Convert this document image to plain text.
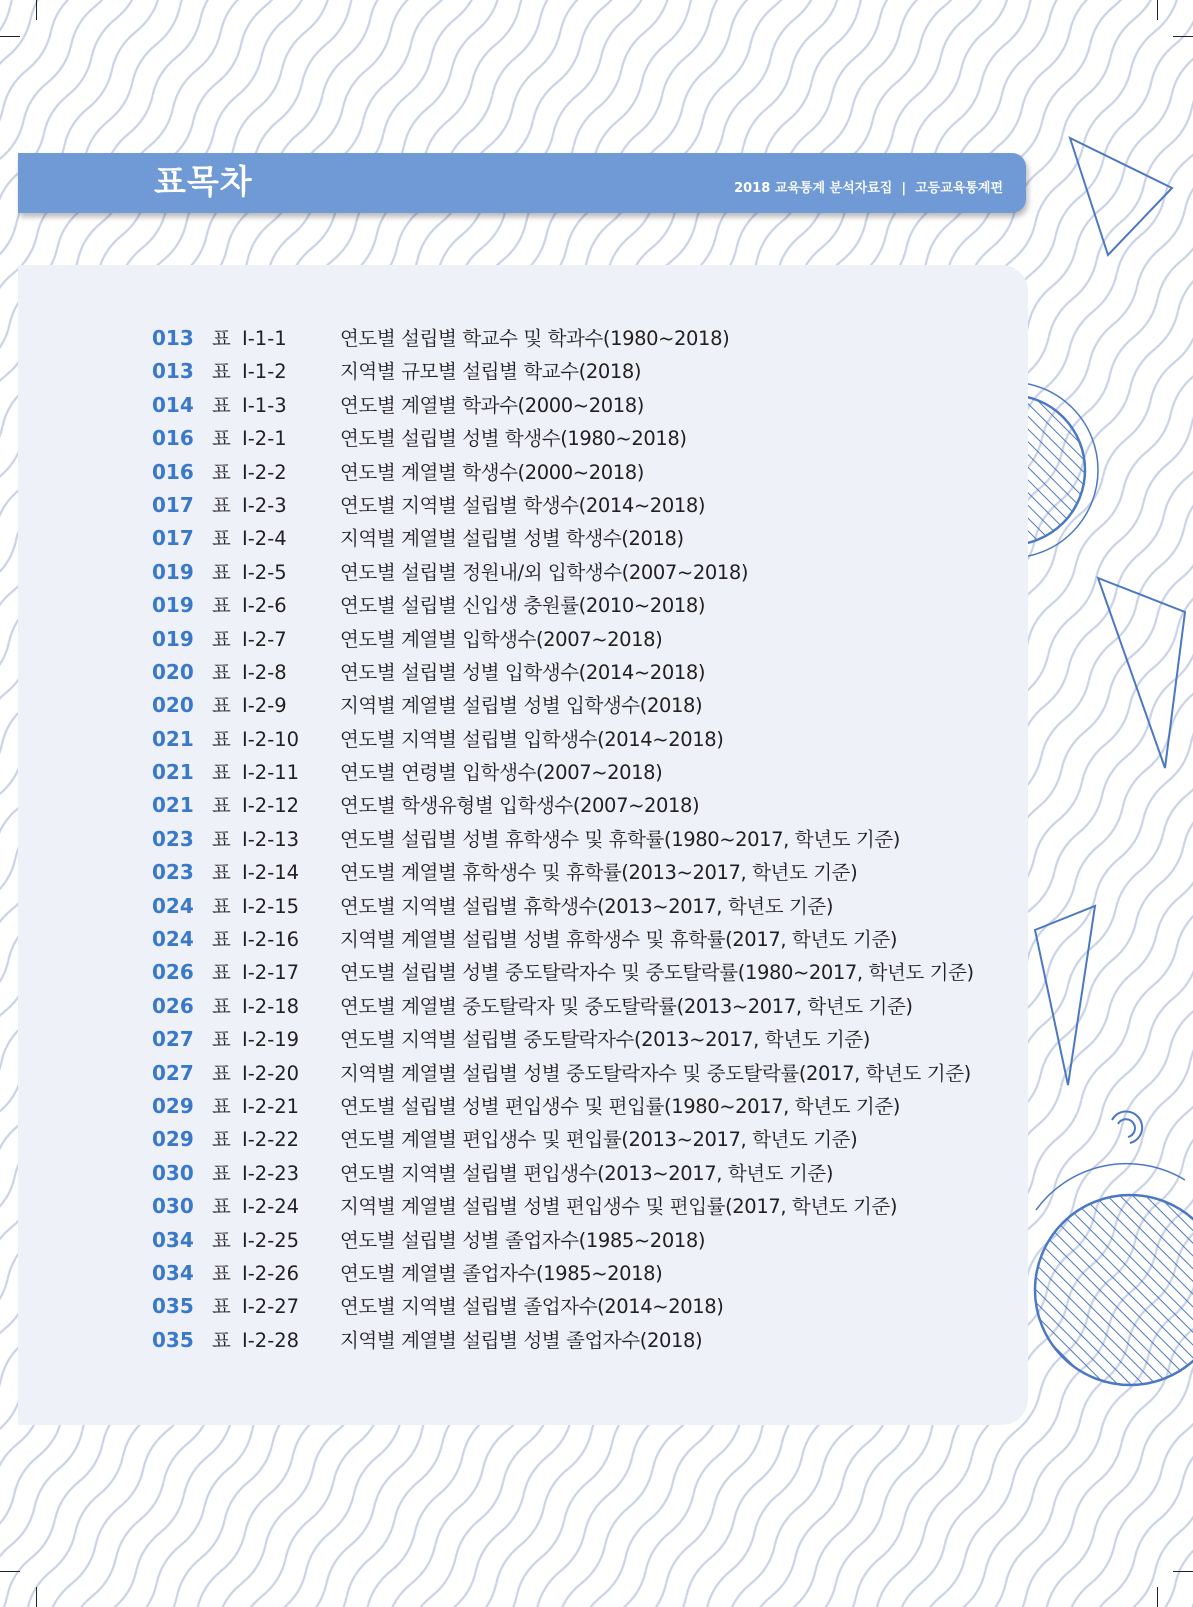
표목차	2018 교육통계 분석자료집 | 고등교육통계편
013 표 Ⅰ-1-1	연도별 설립별 학교수 및 학과수(1980~2018)
013 표 Ⅰ-1-2	지역별 규모별 설립별 학교수(2018)
014 표 Ⅰ-1-3	연도별 계열별 학과수(2000~2018)
016 표 Ⅰ-2-1	연도별 설립별 성별 학생수(1980~2018)
016 표 Ⅰ-2-2	연도별 계열별 학생수(2000~2018)
017 표 Ⅰ-2-3	연도별 지역별 설립별 학생수(2014~2018)
017 표 Ⅰ-2-4	지역별 계열별 설립별 성별 학생수(2018)
019 표 Ⅰ-2-5	연도별 설립별 정원내/외 입학생수(2007~2018)
019 표 Ⅰ-2-6	연도별 설립별 신입생 충원률(2010~2018)
019 표 Ⅰ-2-7	연도별 계열별 입학생수(2007~2018)
020 표 Ⅰ-2-8	연도별 설립별 성별 입학생수(2014~2018)
020 표 Ⅰ-2-9	지역별 계열별 설립별 성별 입학생수(2018)
021 표 Ⅰ-2-10 연도별 지역별 설립별 입학생수(2014~2018)
021 표 Ⅰ-2-11 연도별 연령별 입학생수(2007~2018)
021 표 Ⅰ-2-12 연도별 학생유형별 입학생수(2007~2018)
023 표 Ⅰ-2-13 연도별 설립별 성별 휴학생수 및 휴학률(1980~2017, 학년도 기준)
023 표 Ⅰ-2-14 연도별 계열별 휴학생수 및 휴학률(2013~2017, 학년도 기준)
024 표 Ⅰ-2-15 연도별 지역별 설립별 휴학생수(2013~2017, 학년도 기준)
024 표 Ⅰ-2-16 지역별 계열별 설립별 성별 휴학생수 및 휴학률(2017, 학년도 기준)
026 표 Ⅰ-2-17 연도별 설립별 성별 중도탈락자수 및 중도탈락률(1980~2017, 학년도 기준)
026 표 Ⅰ-2-18 연도별 계열별 중도탈락자 및 중도탈락률(2013~2017, 학년도 기준)
027 표 Ⅰ-2-19 연도별 지역별 설립별 중도탈락자수(2013~2017, 학년도 기준)
027 표 Ⅰ-2-20 지역별 계열별 설립별 성별 중도탈락자수 및 중도탈락률(2017, 학년도 기준)
029 표 Ⅰ-2-21 연도별 설립별 성별 편입생수 및 편입률(1980~2017, 학년도 기준)
029 표 Ⅰ-2-22 연도별 계열별 편입생수 및 편입률(2013~2017, 학년도 기준)
030 표 Ⅰ-2-23 연도별 지역별 설립별 편입생수(2013~2017, 학년도 기준)
030 표 Ⅰ-2-24 지역별 계열별 설립별 성별 편입생수 및 편입률(2017, 학년도 기준)
034 표 Ⅰ-2-25 연도별 설립별 성별 졸업자수(1985~2018)
034 표 Ⅰ-2-26 연도별 계열별 졸업자수(1985~2018)
035 표 Ⅰ-2-27 연도별 지역별 설립별 졸업자수(2014~2018)
035 표 Ⅰ-2-28 지역별 계열별 설립별 성별 졸업자수(2018)
